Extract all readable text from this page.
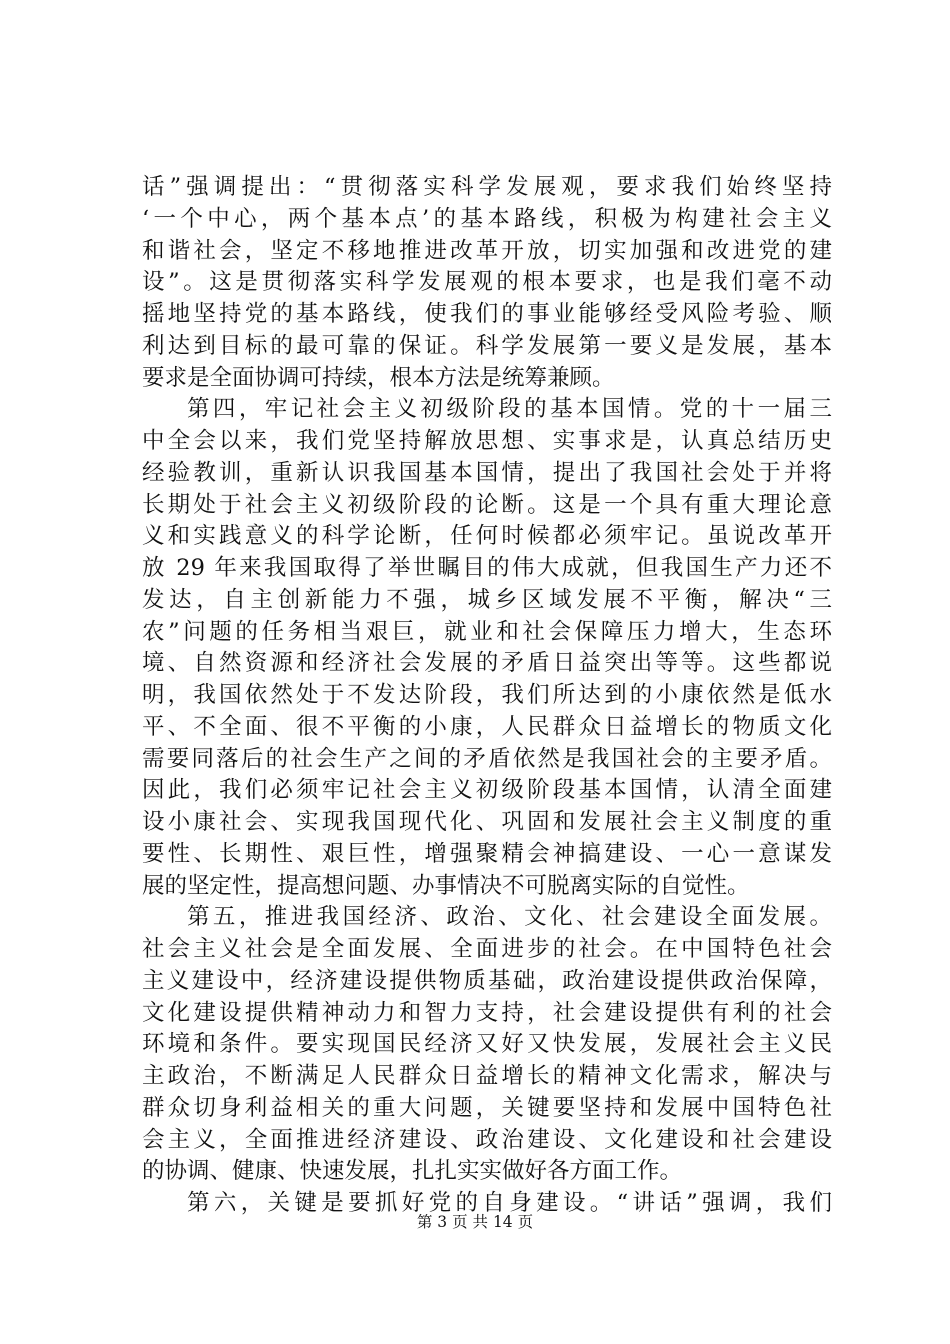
话”强调提出：“贯彻落实科学发展观，要求我们始终坚持
‘一个中心，两个基本点’的基本路线，积极为构建社会主义
和谐社会，坚定不移地推进改革开放，切实加强和改进党的建
设”。这是贯彻落实科学发展观的根本要求，也是我们毫不动
摇地坚持党的基本路线，使我们的事业能够经受风险考验、顺
利达到目标的最可靠的保证。科学发展第一要义是发展，基本
要求是全面协调可持续，根本方法是统筹兼顾。
第四，牢记社会主义初级阶段的基本国情。党的十一届三
中全会以来，我们党坚持解放思想、实事求是，认真总结历史
经验教训，重新认识我国基本国情，提出了我国社会处于并将
长期处于社会主义初级阶段的论断。这是一个具有重大理论意
义和实践意义的科学论断，任何时候都必须牢记。虽说改革开
放 29 年来我国取得了举世瞩目的伟大成就，但我国生产力还不
发达，自主创新能力不强，城乡区域发展不平衡，解决“三
农”问题的任务相当艰巨，就业和社会保障压力增大，生态环
境、自然资源和经济社会发展的矛盾日益突出等等。这些都说
明，我国依然处于不发达阶段，我们所达到的小康依然是低水
平、不全面、很不平衡的小康，人民群众日益增长的物质文化
需要同落后的社会生产之间的矛盾依然是我国社会的主要矛盾。
因此，我们必须牢记社会主义初级阶段基本国情，认清全面建
设小康社会、实现我国现代化、巩固和发展社会主义制度的重
要性、长期性、艰巨性，增强聚精会神搞建设、一心一意谋发
展的坚定性，提高想问题、办事情决不可脱离实际的自觉性。
第五，推进我国经济、政治、文化、社会建设全面发展。
社会主义社会是全面发展、全面进步的社会。在中国特色社会
主义建设中，经济建设提供物质基础，政治建设提供政治保障，
文化建设提供精神动力和智力支持，社会建设提供有利的社会
环境和条件。要实现国民经济又好又快发展，发展社会主义民
主政治，不断满足人民群众日益增长的精神文化需求，解决与
群众切身利益相关的重大问题，关键要坚持和发展中国特色社
会主义，全面推进经济建设、政治建设、文化建设和社会建设
的协调、健康、快速发展，扎扎实实做好各方面工作。
第六，关键是要抓好党的自身建设。“讲话”强调，我们
第 3 页 共 14 页
